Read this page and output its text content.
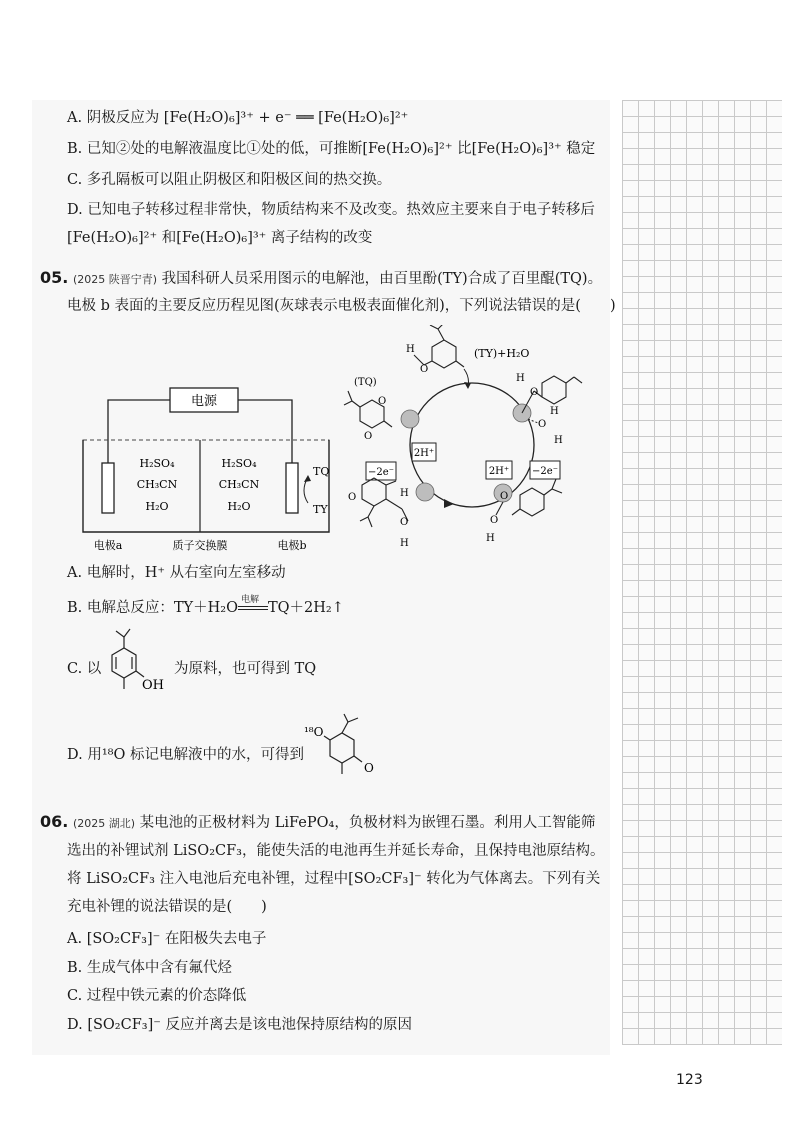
A. 阴极反应为 [Fe(H₂O)₆]³⁺ + e⁻ ══ [Fe(H₂O)₆]²⁺
B. 已知②处的电解液温度比①处的低，可推断[Fe(H₂O)₆]²⁺ 比[Fe(H₂O)₆]³⁺ 稳定
C. 多孔隔板可以阻止阴极区和阳极区间的热交换。
D. 已知电子转移过程非常快，物质结构来不及改变。热效应主要来自于电子转移后
[Fe(H₂O)₆]²⁺ 和[Fe(H₂O)₆]³⁺ 离子结构的改变
05. (2025 陕晋宁青) 我国科研人员采用图示的电解池，由百里酚(TY)合成了百里醌(TQ)。
电极 b 表面的主要反应历程见图(灰球表示电极表面催化剂)，下列说法错误的是(　　)
电源
H₂SO₄
CH₃CN
H₂O
H₂SO₄
CH₃CN
H₂O
TQ
TY
电极a	质子交换膜	电极b
H
O
(TY)+H₂O
(TQ)
O
O
H
O
H
O
H
2H⁺
−2e⁻	2H⁺ −2e⁻
O	H
O
H
O
O
H
A. 电解时，H⁺ 从右室向左室移动
B. 电解总反应：TY＋H₂O 电解 TQ＋2H₂↑
C. 以
OH
为原料，也可得到 TQ
D. 用¹⁸O 标记电解液中的水，可得到
¹⁸O
O
06. (2025 湖北) 某电池的正极材料为 LiFePO₄，负极材料为嵌锂石墨。利用人工智能筛
选出的补锂试剂 LiSO₂CF₃，能使失活的电池再生并延长寿命，且保持电池原结构。
将 LiSO₂CF₃ 注入电池后充电补锂，过程中[SO₂CF₃]⁻ 转化为气体离去。下列有关
充电补锂的说法错误的是(　　)
A. [SO₂CF₃]⁻ 在阳极失去电子
B. 生成气体中含有氟代烃
C. 过程中铁元素的价态降低
D. [SO₂CF₃]⁻ 反应并离去是该电池保持原结构的原因
123
